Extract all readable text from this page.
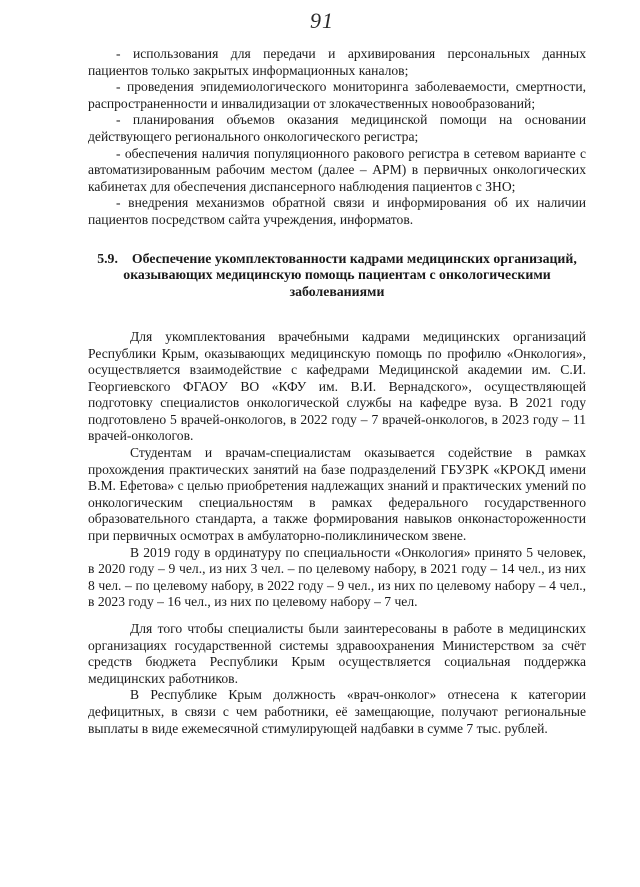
91

- использования для передачи и архивирования персональных данных пациентов только закрытых информационных каналов;

- проведения эпидемиологического мониторинга заболеваемости, смертности, распространенности и инвалидизации от злокачественных новообразований;

- планирования объемов оказания медицинской помощи на основании действующего регионального онкологического регистра;

- обеспечения наличия популяционного ракового регистра в сетевом варианте с автоматизированным рабочим местом (далее – АРМ) в первичных онкологических кабинетах для обеспечения диспансерного наблюдения пациентов с ЗНО;

- внедрения механизмов обратной связи и информирования об их наличии пациентов посредством сайта учреждения, информатов.

5.9. Обеспечение укомплектованности кадрами медицинских организаций, оказывающих медицинскую помощь пациентам с онкологическими заболеваниями

Для укомплектования врачебными кадрами медицинских организаций Республики Крым, оказывающих медицинскую помощь по профилю «Онкология», осуществляется взаимодействие с кафедрами Медицинской академии им. С.И. Георгиевского ФГАОУ ВО «КФУ им. В.И. Вернадского», осуществляющей подготовку специалистов онкологической службы на кафедре вуза. В 2021 году подготовлено 5 врачей-онкологов, в 2022 году – 7 врачей-онкологов, в 2023 году – 11 врачей-онкологов.

Студентам и врачам-специалистам оказывается содействие в рамках прохождения практических занятий на базе подразделений ГБУЗРК «КРОКД имени В.М. Ефетова» с целью приобретения надлежащих знаний и практических умений по онкологическим специальностям в рамках федерального государственного образовательного стандарта, а также формирования навыков онконастороженности при первичных осмотрах в амбулаторно-поликлиническом звене.

В 2019 году в ординатуру по специальности «Онкология» принято 5 человек, в 2020 году – 9 чел., из них 3 чел. – по целевому набору, в 2021 году – 14 чел., из них 8 чел. – по целевому набору, в 2022 году – 9 чел., из них по целевому набору – 4 чел., в 2023 году – 16 чел., из них по целевому набору – 7 чел.

Для того чтобы специалисты были заинтересованы в работе в медицинских организациях государственной системы здравоохранения Министерством за счёт средств бюджета Республики Крым осуществляется социальная поддержка медицинских работников.

В Республике Крым должность «врач-онколог» отнесена к категории дефицитных, в связи с чем работники, её замещающие, получают региональные выплаты в виде ежемесячной стимулирующей надбавки в сумме 7 тыс. рублей.
